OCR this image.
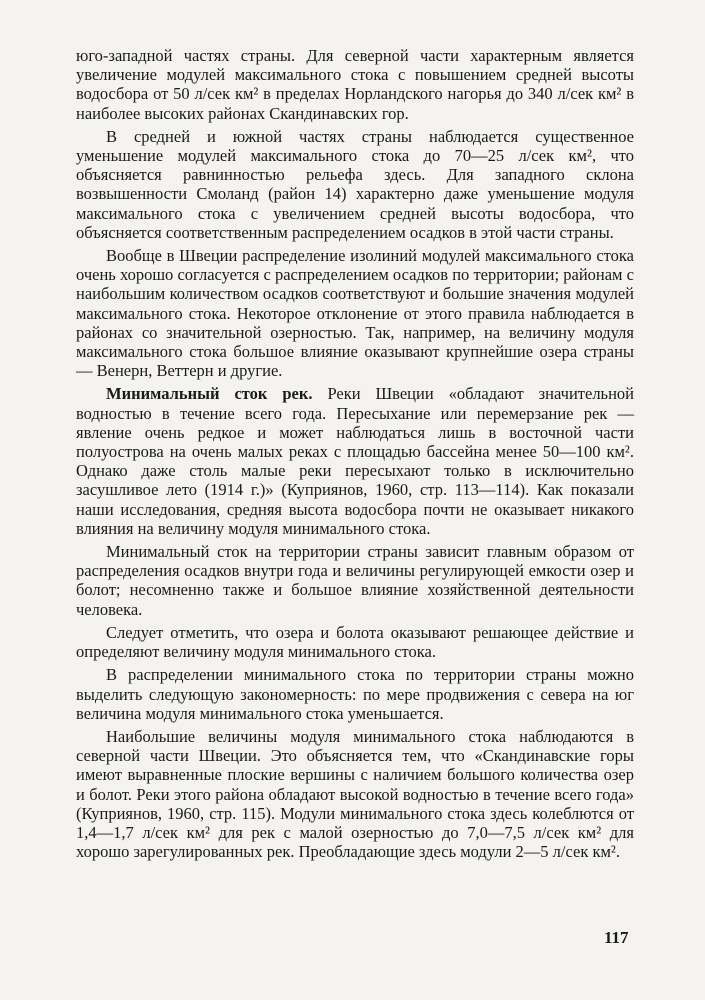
юго-западной частях страны. Для северной части характерным является увеличение модулей максимального стока с повышением средней высоты водосбора от 50 л/сек км² в пределах Норландского нагорья до 340 л/сек км² в наиболее высоких районах Скандинавских гор.

В средней и южной частях страны наблюдается существенное уменьшение модулей максимального стока до 70—25 л/сек км², что объясняется равнинностью рельефа здесь. Для западного склона возвышенности Смоланд (район 14) характерно даже уменьшение модуля максимального стока с увеличением средней высоты водосбора, что объясняется соответственным распределением осадков в этой части страны.

Вообще в Швеции распределение изолиний модулей максимального стока очень хорошо согласуется с распределением осадков по территории; районам с наибольшим количеством осадков соответствуют и большие значения модулей максимального стока. Некоторое отклонение от этого правила наблюдается в районах со значительной озерностью. Так, например, на величину модуля максимального стока большое влияние оказывают крупнейшие озера страны — Венерн, Веттерн и другие.

Минимальный сток рек. Реки Швеции «обладают значительной водностью в течение всего года. Пересыхание или перемерзание рек — явление очень редкое и может наблюдаться лишь в восточной части полуострова на очень малых реках с площадью бассейна менее 50—100 км². Однако даже столь малые реки пересыхают только в исключительно засушливое лето (1914 г.)» (Куприянов, 1960, стр. 113—114). Как показали наши исследования, средняя высота водосбора почти не оказывает никакого влияния на величину модуля минимального стока.

Минимальный сток на территории страны зависит главным образом от распределения осадков внутри года и величины регулирующей емкости озер и болот; несомненно также и большое влияние хозяйственной деятельности человека.

Следует отметить, что озера и болота оказывают решающее действие и определяют величину модуля минимального стока.

В распределении минимального стока по территории страны можно выделить следующую закономерность: по мере продвижения с севера на юг величина модуля минимального стока уменьшается.

Наибольшие величины модуля минимального стока наблюдаются в северной части Швеции. Это объясняется тем, что «Скандинавские горы имеют выравненные плоские вершины с наличием большого количества озер и болот. Реки этого района обладают высокой водностью в течение всего года» (Куприянов, 1960, стр. 115). Модули минимального стока здесь колеблются от 1,4—1,7 л/сек км² для рек с малой озерностью до 7,0—7,5 л/сек км² для хорошо зарегулированных рек. Преобладающие здесь модули 2—5 л/сек км².

117
